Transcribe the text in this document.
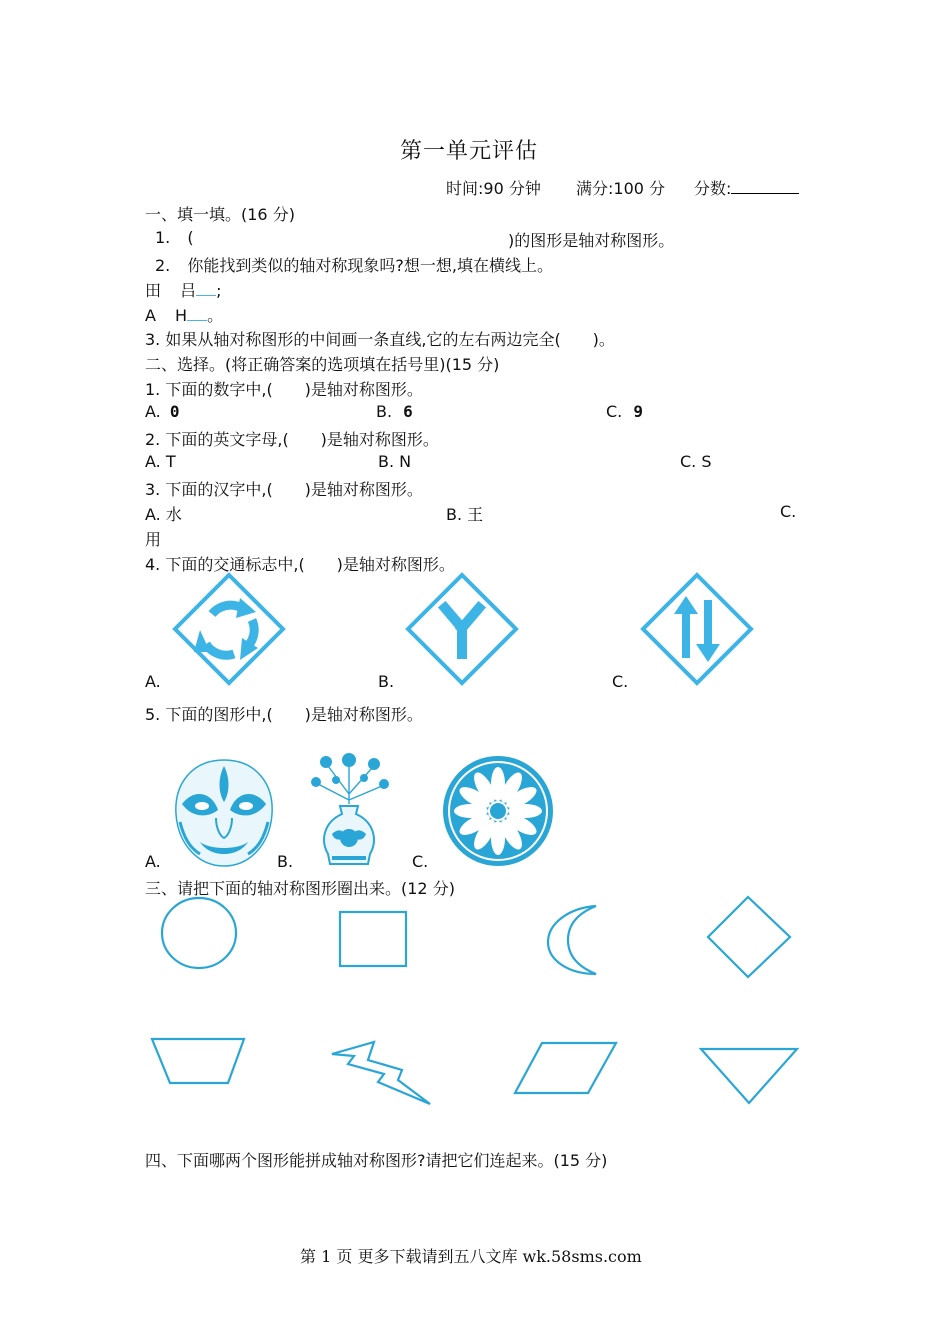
第一单元评估
时间:90 分钟 满分:100 分 分数:
一、填一填。(16 分)
1. (	)的图形是轴对称图形。
2. 你能找到类似的轴对称现象吗?想一想,填在横线上。
田 吕 ;
A H 。
3. 如果从轴对称图形的中间画一条直线,它的左右两边完全(　　)。
二、选择。(将正确答案的选项填在括号里)(15 分)
1. 下面的数字中,(　　)是轴对称图形。
A. 0	B. 6	C. 9
2. 下面的英文字母,(　　)是轴对称图形。
A. T	B. N	C. S
3. 下面的汉字中,(　　)是轴对称图形。
A. 水	B. 王	C.
用
4. 下面的交通标志中,(　　)是轴对称图形。
A.	B.	C.
5. 下面的图形中,(　　)是轴对称图形。
A.	B.	C.
三、请把下面的轴对称图形圈出来。(12 分)
四、下面哪两个图形能拼成轴对称图形?请把它们连起来。(15 分)
第 1 页 更多下载请到五八文库 wk.58sms.com
